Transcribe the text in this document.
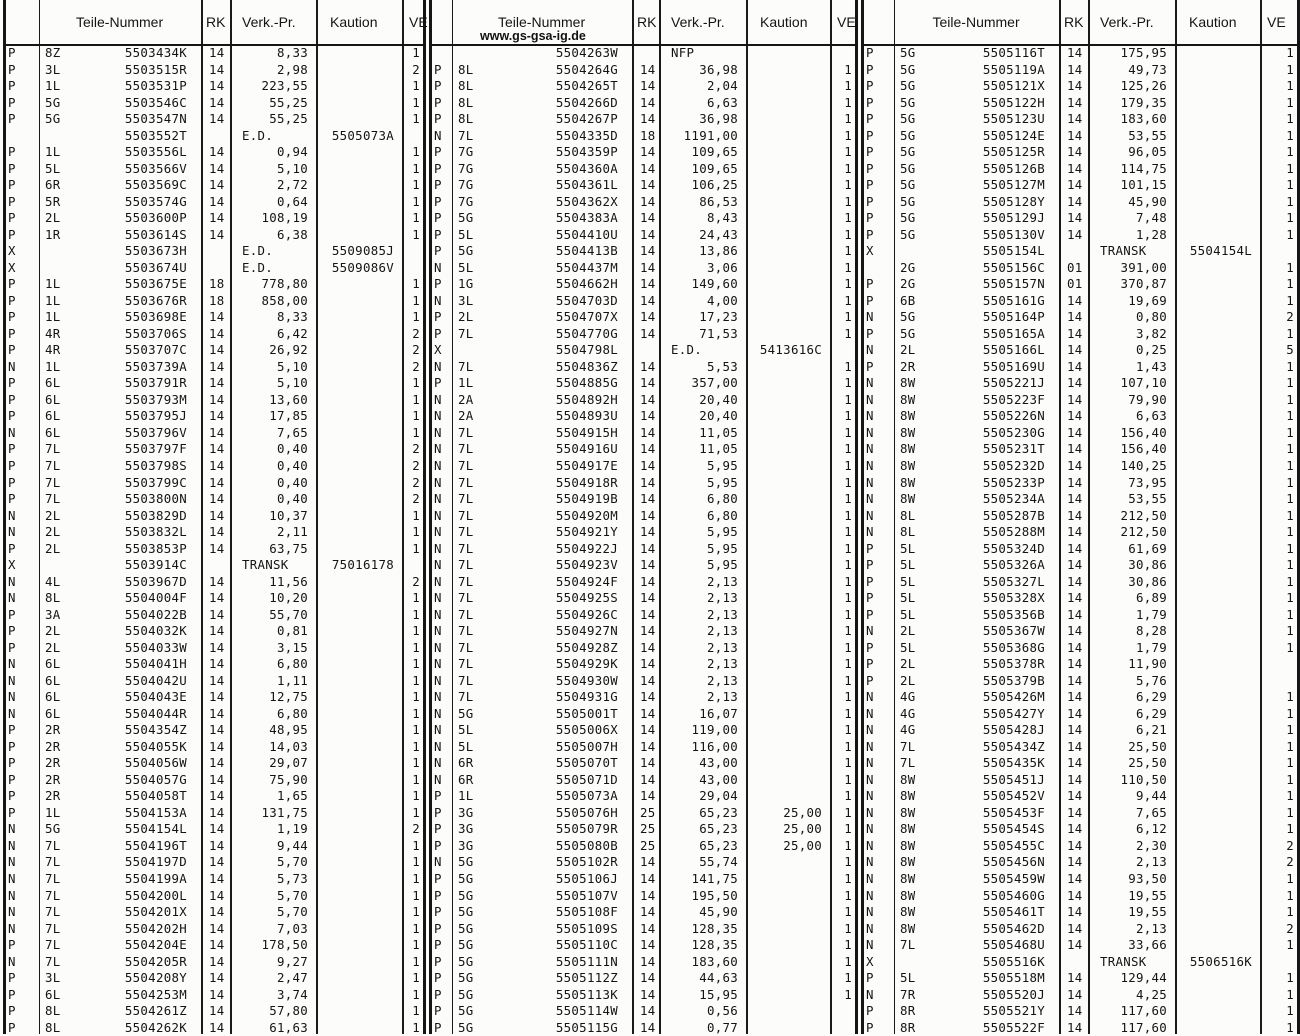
Teile-Nummer	RK Verk.-Pr. Kaution VE
P 8Z	5503434K 14	8,33	1
P 3L	5503515R 14	2,98	2
P 1L	5503531P 14	223,55	1
P 5G	5503546C 14	55,25	1
P 5G	5503547N 14	55,25	1
5503552T	E.D.	5505073A
P 1L	5503556L 14	0,94	1
P 5L	5503566V 14	5,10	1
P 6R	5503569C 14	2,72	1
P 5R	5503574G 14	0,64	1
P 2L	5503600P 14	108,19	1
P 1R	5503614S 14	6,38	1
X	5503673H	E.D.	5509085J
X	5503674U	E.D.	5509086V
P 1L	5503675E 18	778,80	1
P 1L	5503676R 18	858,00	1
P 1L	5503698E 14	8,33	1
P 4R	5503706S 14	6,42	2
P 4R	5503707C 14	26,92	2
N 1L	5503739A 14	5,10	2
P 6L	5503791R 14	5,10	1
P 6L	5503793M 14	13,60	1
P 6L	5503795J 14	17,85	1
N 6L	5503796V 14	7,65	1
P 7L	5503797F 14	0,40	2
P 7L	5503798S 14	0,40	2
P 7L	5503799C 14	0,40	2
P 7L	5503800N 14	0,40	2
N 2L	5503829D 14	10,37	1
N 2L	5503832L 14	2,11	1
P 2L	5503853P 14	63,75	1
X	5503914C	TRANSK	75016178
N 4L	5503967D 14	11,56	2
N 8L	5504004F 14	10,20	1
P 3A	5504022B 14	55,70	1
P 2L	5504032K 14	0,81	1
P 2L	5504033W 14	3,15	1
N 6L	5504041H 14	6,80	1
N 6L	5504042U 14	1,11	1
N 6L	5504043E 14	12,75	1
N 6L	5504044R 14	6,80	1
P 2R	5504354Z 14	48,95	1
P 2R	5504055K 14	14,03	1
P 2R	5504056W 14	29,07	1
P 2R	5504057G 14	75,90	1
P 2R	5504058T 14	1,65	1
P 1L	5504153A 14	131,75	1
N 5G	5504154L 14	1,19	2
N 7L	5504196T 14	9,44	1
N 7L	5504197D 14	5,70	1
N 7L	5504199A 14	5,73	1
N 7L	5504200L 14	5,70	1
N 7L	5504201X 14	5,70	1
N 7L	5504202H 14	7,03	1
P 7L	5504204E 14	178,50	1
N 7L	5504205R 14	9,27	1
P 3L	5504208Y 14	2,47	1
P 6L	5504253M 14	3,74	1
P 8L	5504261Z 14	57,80	1
P 8L	5504262K 14	61,63	1
Teile-Nummer	RK Verk.-Pr.	Kaution VE
www.gs-gsa-ig.de
5504263W	NFP
P 8L	5504264G 14	36,98	1
P 8L	5504265T 14	2,04	1
P 8L	5504266D 14	6,63	1
P 8L	5504267P 14	36,98	1
N 7L	5504335D 18 1191,00	1
P 7G	5504359P 14	109,65	1
P 7G	5504360A 14	109,65	1
P 7G	5504361L 14	106,25	1
P 7G	5504362X 14	86,53	1
P 5G	5504383A 14	8,43	1
P 5L	5504410U 14	24,43	1
P 5G	5504413B 14	13,86	1
N 5L	5504437M 14	3,06	1
P 1G	5504662H 14	149,60	1
N 3L	5504703D 14	4,00	1
P 2L	5504707X 14	17,23	1
P 7L	5504770G 14	71,53	1
X	5504798L	E.D.	5413616C
N 7L	5504836Z 14	5,53	1
P 1L	5504885G 14	357,00	1
N 2A	5504892H 14	20,40	1
N 2A	5504893U 14	20,40	1
N 7L	5504915H 14	11,05	1
N 7L	5504916U 14	11,05	1
N 7L	5504917E 14	5,95	1
N 7L	5504918R 14	5,95	1
N 7L	5504919B 14	6,80	1
N 7L	5504920M 14	6,80	1
N 7L	5504921Y 14	5,95	1
N 7L	5504922J 14	5,95	1
N 7L	5504923V 14	5,95	1
N 7L	5504924F 14	2,13	1
N 7L	5504925S 14	2,13	1
N 7L	5504926C 14	2,13	1
N 7L	5504927N 14	2,13	1
N 7L	5504928Z 14	2,13	1
N 7L	5504929K 14	2,13	1
N 7L	5504930W 14	2,13	1
N 7L	5504931G 14	2,13	1
N 5G	5505001T 14	16,07	1
N 5L	5505006X 14	119,00	1
N 5L	5505007H 14	116,00	1
N 6R	5505070T 14	43,00	1
N 6R	5505071D 14	43,00	1
P 1L	5505073A 14	29,04	1
P 3G	5505076H 25	65,23	25,00 1
P 3G	5505079R 25	65,23	25,00 1
P 3G	5505080B 25	65,23	25,00 1
N 5G	5505102R 14	55,74	1
P 5G	5505106J 14	141,75	1
P 5G	5505107V 14	195,50	1
P 5G	5505108F 14	45,90	1
P 5G	5505109S 14	128,35	1
P 5G	5505110C 14	128,35	1
P 5G	5505111N 14	183,60	1
P 5G	5505112Z 14	44,63	1
P 5G	5505113K 14	15,95	1
P 5G	5505114W 14	0,56
P 5G	5505115G 14	0,77
Teile-Nummer	RK Verk.-Pr.	Kaution VE
P 5G	5505116T 14	175,95	1
P 5G	5505119A 14	49,73	1
P 5G	5505121X 14	125,26	1
P 5G	5505122H 14	179,35	1
P 5G	5505123U 14	183,60	1
P 5G	5505124E 14	53,55	1
P 5G	5505125R 14	96,05	1
P 5G	5505126B 14	114,75	1
P 5G	5505127M 14	101,15	1
P 5G	5505128Y 14	45,90	1
P 5G	5505129J 14	7,48	1
P 5G	5505130V 14	1,28	1
X	5505154L	TRANSK	5504154L
2G	5505156C 01	391,00	1
P 2G	5505157N 01	370,87	1
P 6B	5505161G 14	19,69	1
N 5G	5505164P 14	0,80	2
P 5G	5505165A 14	3,82	1
N 2L	5505166L 14	0,25	5
P 2R	5505169U 14	1,43	1
N 8W	5505221J 14	107,10	1
N 8W	5505223F 14	79,90	1
N 8W	5505226N 14	6,63	1
N 8W	5505230G 14	156,40	1
N 8W	5505231T 14	156,40	1
N 8W	5505232D 14	140,25	1
N 8W	5505233P 14	73,95	1
N 8W	5505234A 14	53,55	1
N 8L	5505287B 14	212,50	1
N 8L	5505288M 14	212,50	1
P 5L	5505324D 14	61,69	1
P 5L	5505326A 14	30,86	1
P 5L	5505327L 14	30,86	1
P 5L	5505328X 14	6,89	1
P 5L	5505356B 14	1,79	1
N 2L	5505367W 14	8,28	1
P 5L	5505368G 14	1,79	1
P 2L	5505378R 14	11,90
P 2L	5505379B 14	5,76
N 4G	5505426M 14	6,29	1
N 4G	5505427Y 14	6,29	1
N 4G	5505428J 14	6,21	1
N 7L	5505434Z 14	25,50	1
N 7L	5505435K 14	25,50	1
N 8W	5505451J 14	110,50	1
N 8W	5505452V 14	9,44	1
N 8W	5505453F 14	7,65	1
N 8W	5505454S 14	6,12	1
N 8W	5505455C 14	2,30	2
N 8W	5505456N 14	2,13	2
N 8W	5505459W 14	93,50	1
N 8W	5505460G 14	19,55	1
N 8W	5505461T 14	19,55	1
N 8W	5505462D 14	2,13	2
N 7L	5505468U 14	33,66	1
X	5505516K	TRANSK	5506516K
P 5L	5505518M 14	129,44	1
N 7R	5505520J 14	4,25	1
P 8R	5505521Y 14	117,60	1
P 8R	5505522F 14	117,60	1
